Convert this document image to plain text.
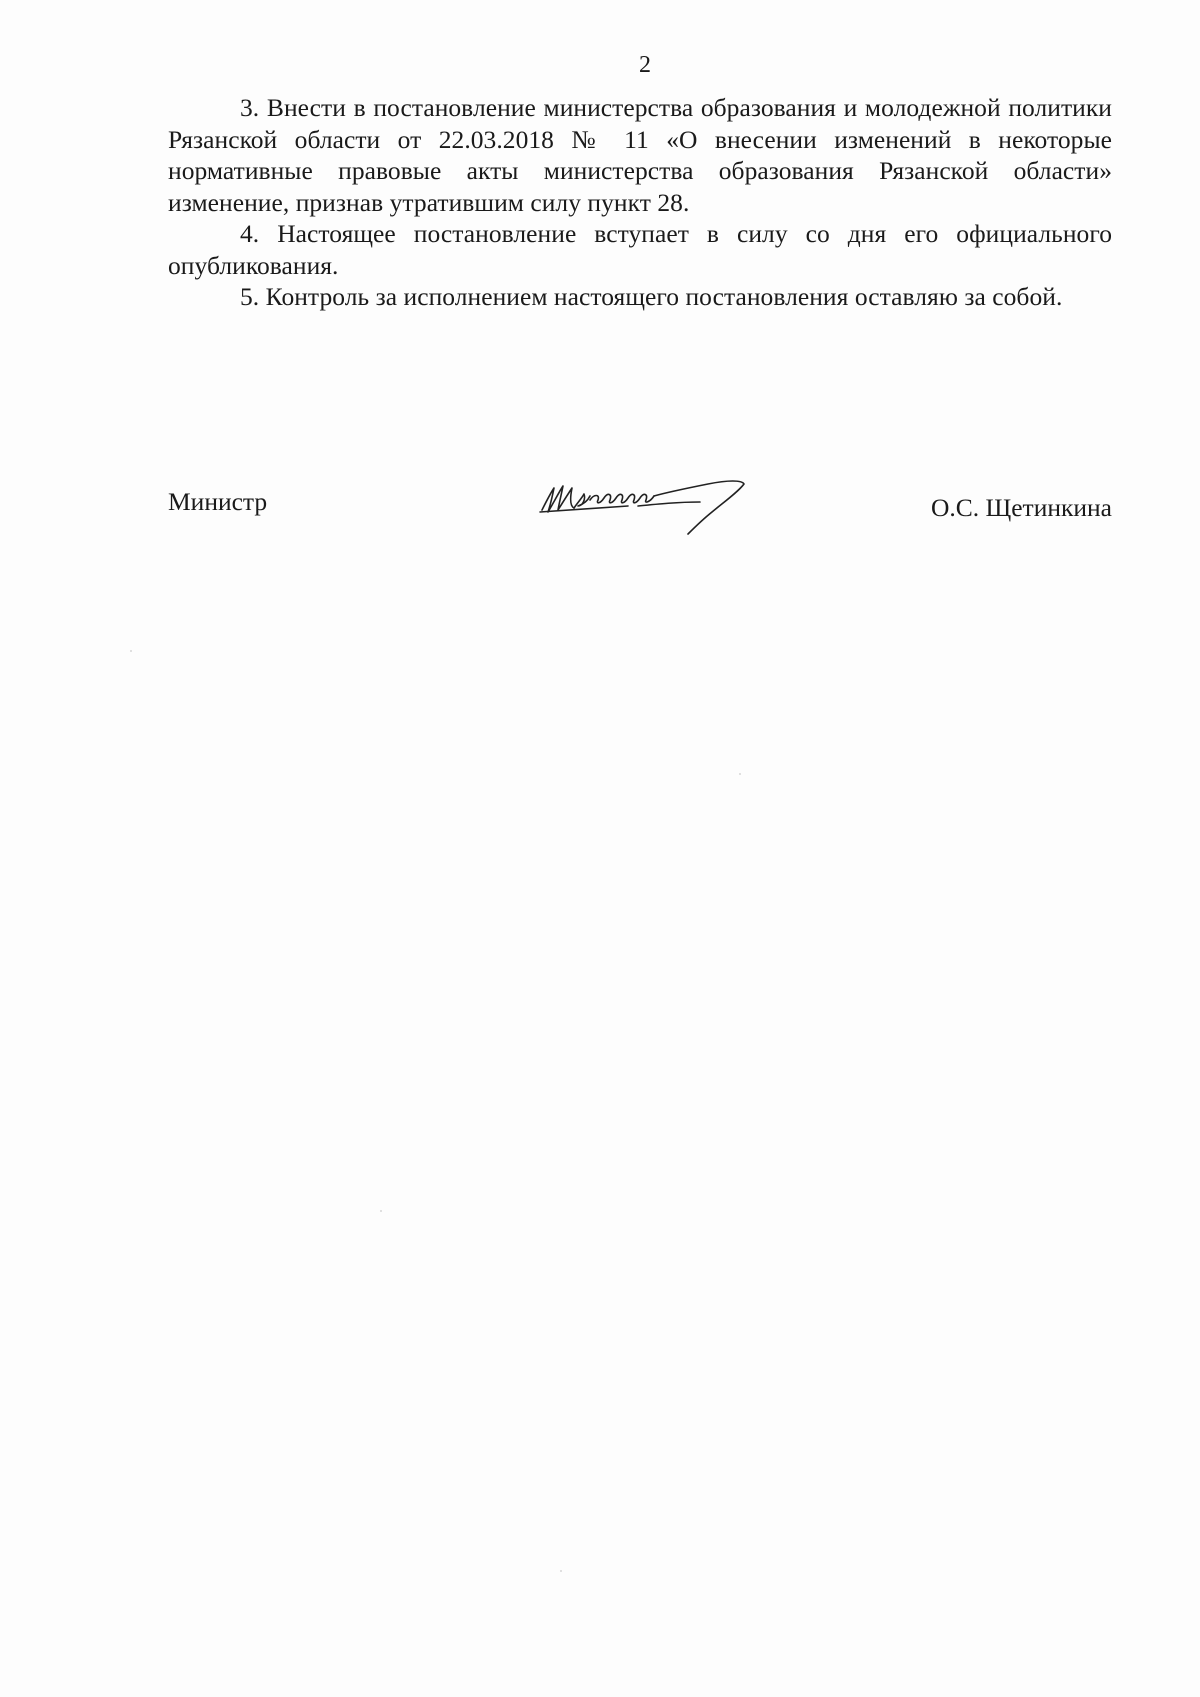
2

3. Внести в постановление министерства образования и молодежной политики Рязанской области от 22.03.2018 № 11 «О внесении изменений в некоторые нормативные правовые акты министерства образования Рязанской области» изменение, признав утратившим силу пункт 28.

4. Настоящее постановление вступает в силу со дня его официального опубликования.

5. Контроль за исполнением настоящего постановления оставляю за собой.

Министр	О.С. Щетинкина
